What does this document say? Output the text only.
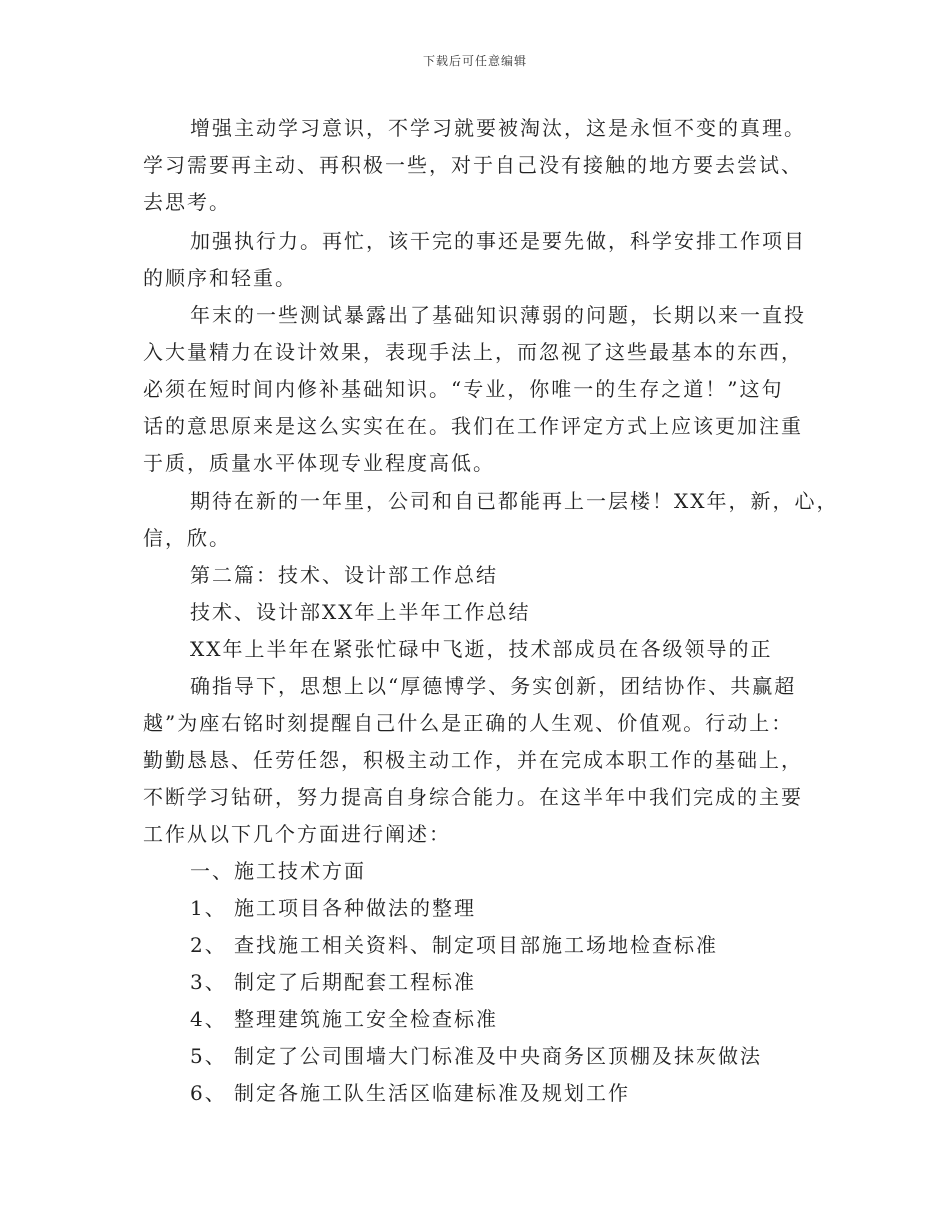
下载后可任意编辑
增强主动学习意识，不学习就要被淘汰，这是永恒不变的真理。
学习需要再主动、再积极一些，对于自己没有接触的地方要去尝试、
去思考。
加强执行力。再忙，该干完的事还是要先做，科学安排工作项目
的顺序和轻重。
年末的一些测试暴露出了基础知识薄弱的问题，长期以来一直投
入大量精力在设计效果，表现手法上，而忽视了这些最基本的东西，
必须在短时间内修补基础知识。“专业，你唯一的生存之道！”这句
话的意思原来是这么实实在在。我们在工作评定方式上应该更加注重
于质，质量水平体现专业程度高低。
期待在新的一年里，公司和自已都能再上一层楼！XX年，新，心，
信，欣。
第二篇：技术、设计部工作总结
技术、设计部XX年上半年工作总结
XX年上半年在紧张忙碌中飞逝，技术部成员在各级领导的正
确指导下，思想上以“厚德博学、务实创新，团结协作、共赢超
越”为座右铭时刻提醒自己什么是正确的人生观、价值观。行动上：
勤勤恳恳、任劳任怨，积极主动工作，并在完成本职工作的基础上，
不断学习钻研，努力提高自身综合能力。在这半年中我们完成的主要
工作从以下几个方面进行阐述：
一、施工技术方面
1、 施工项目各种做法的整理
2、 查找施工相关资料、制定项目部施工场地检查标准
3、 制定了后期配套工程标准
4、 整理建筑施工安全检查标准
5、 制定了公司围墙大门标准及中央商务区顶棚及抹灰做法
6、 制定各施工队生活区临建标准及规划工作
